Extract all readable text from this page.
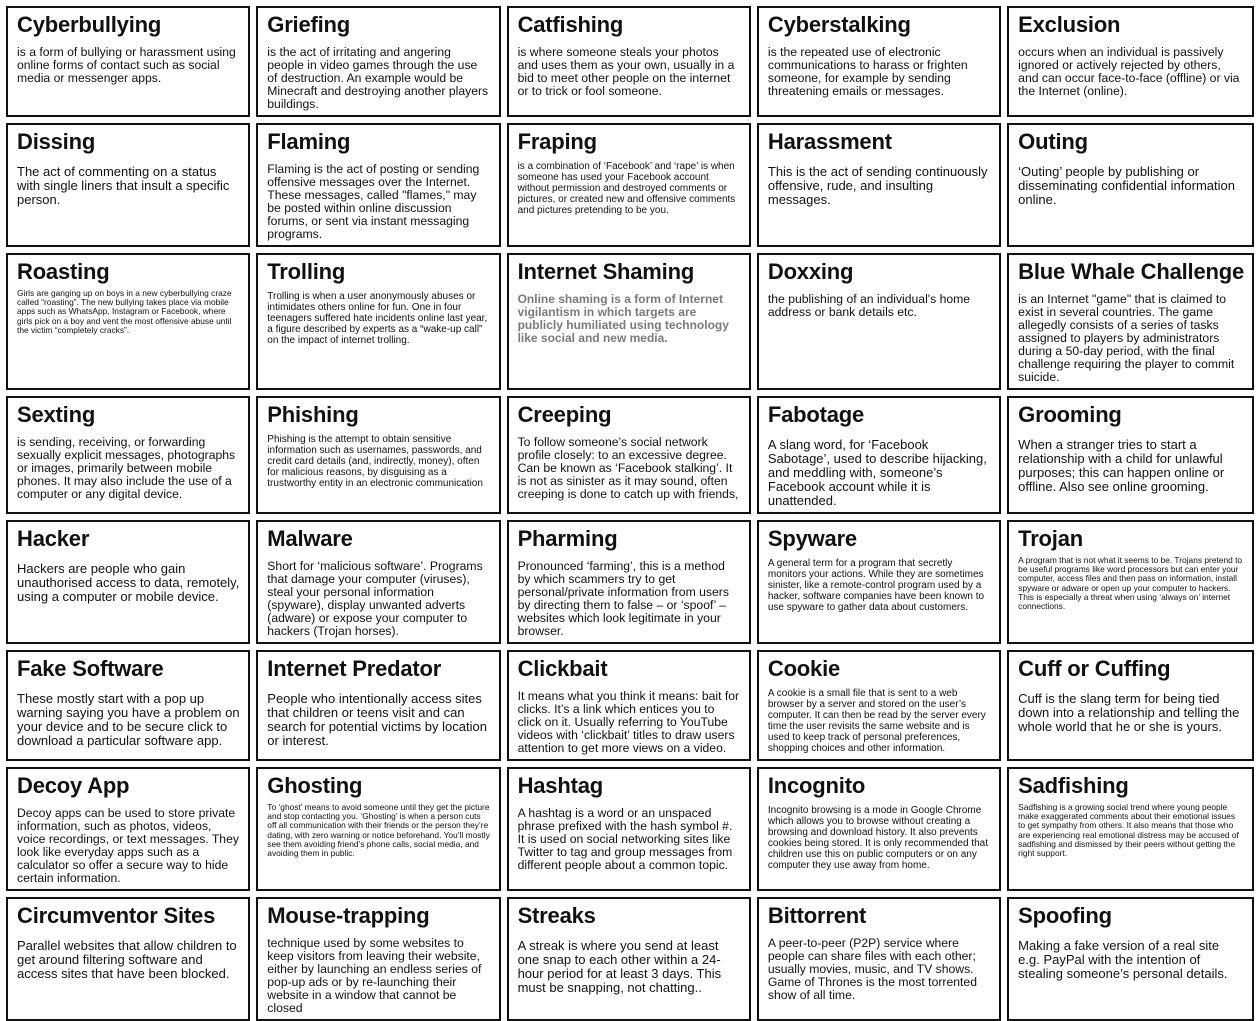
Cyberbullying
is a form of bullying or harassment using online forms of contact such as social media or messenger apps.
Griefing
is the act of irritating and angering people in video games through the use of destruction. An example would be Minecraft and destroying another players buildings.
Catfishing
is where someone steals your photos and uses them as your own, usually in a bid to meet other people on the internet or to trick or fool someone.
Cyberstalking
is the repeated use of electronic communications to harass or frighten someone, for example by sending threatening emails or messages.
Exclusion
occurs when an individual is passively ignored or actively rejected by others, and can occur face-to-face (offline) or via the Internet (online).
Dissing
The act of commenting on a status with single liners that insult a specific person.
Flaming
Flaming is the act of posting or sending offensive messages over the Internet. These messages, called "flames," may be posted within online discussion forums, or sent via instant messaging programs.
Fraping
is a combination of ‘Facebook’ and ‘rape’ is when someone has used your Facebook account without permission and destroyed comments or pictures, or created new and offensive comments and pictures pretending to be you.
Harassment
This is the act of sending continuously offensive, rude, and insulting messages.
Outing
‘Outing’ people by publishing or disseminating confidential information online.
Roasting
Girls are ganging up on boys in a new cyberbullying craze called “roasting”. The new bullying takes place via mobile apps such as WhatsApp, Instagram or Facebook, where girls pick on a boy and vent the most offensive abuse until the victim “completely cracks”.
Trolling
Trolling is when a user anonymously abuses or intimidates others online for fun. One in four teenagers suffered hate incidents online last year, a figure described by experts as a “wake-up call” on the impact of internet trolling.
Internet Shaming
Online shaming is a form of Internet vigilantism in which targets are publicly humiliated using technology like social and new media.
Doxxing
the publishing of an individual's home address or bank details etc.
Blue Whale Challenge
is an Internet "game" that is claimed to exist in several countries. The game allegedly consists of a series of tasks assigned to players by administrators during a 50-day period, with the final challenge requiring the player to commit suicide.
Sexting
is sending, receiving, or forwarding sexually explicit messages, photographs or images, primarily between mobile phones. It may also include the use of a computer or any digital device.
Phishing
Phishing is the attempt to obtain sensitive information such as usernames, passwords, and credit card details (and, indirectly, money), often for malicious reasons, by disguising as a trustworthy entity in an electronic communication
Creeping
To follow someone’s social network profile closely: to an excessive degree. Can be known as ‘Facebook stalking’. It is not as sinister as it may sound, often creeping is done to catch up with friends,
Fabotage
A slang word, for ‘Facebook Sabotage’, used to describe hijacking, and meddling with, someone’s Facebook account while it is unattended.
Grooming
When a stranger tries to start a relationship with a child for unlawful purposes; this can happen online or offline. Also see online grooming.
Hacker
Hackers are people who gain unauthorised access to data, remotely, using a computer or mobile device.
Malware
Short for ‘malicious software’. Programs that damage your computer (viruses), steal your personal information (spyware), display unwanted adverts (adware) or expose your computer to hackers (Trojan horses).
Pharming
Pronounced ‘farming’, this is a method by which scammers try to get personal/private information from users by directing them to false – or ‘spoof’ – websites which look legitimate in your browser.
Spyware
A general term for a program that secretly monitors your actions. While they are sometimes sinister, like a remote-control program used by a hacker, software companies have been known to use spyware to gather data about customers.
Trojan
A program that is not what it seems to be. Trojans pretend to be useful programs like word processors but can enter your computer, access files and then pass on information, install spyware or adware or open up your computer to hackers. This is especially a threat when using ‘always on’ internet connections.
Fake Software
These mostly start with a pop up warning saying you have a problem on your device and to be secure click to download a particular software app.
Internet Predator
People who intentionally access sites that children or teens visit and can search for potential victims by location or interest.
Clickbait
It means what you think it means: bait for clicks. It’s a link which entices you to click on it. Usually referring to YouTube videos with ‘clickbait’ titles to draw users attention to get more views on a video.
Cookie
A cookie is a small file that is sent to a web browser by a server and stored on the user’s computer. It can then be read by the server every time the user revisits the same website and is used to keep track of personal preferences, shopping choices and other information.
Cuff or Cuffing
Cuff is the slang term for being tied down into a relationship and telling the whole world that he or she is yours.
Decoy App
Decoy apps can be used to store private information, such as photos, videos, voice recordings, or text messages. They look like everyday apps such as a calculator so offer a secure way to hide certain information.
Ghosting
To ‘ghost’ means to avoid someone until they get the picture and stop contacting you. ‘Ghosting’ is when a person cuts off all communication with their friends or the person they’re dating, with zero warning or notice beforehand. You’ll mostly see them avoiding friend’s phone calls, social media, and avoiding them in public.
Hashtag
A hashtag is a word or an unspaced phrase prefixed with the hash symbol #. It is used on social networking sites like Twitter to tag and group messages from different people about a common topic.
Incognito
Incognito browsing is a mode in Google Chrome which allows you to browse without creating a browsing and download history. It also prevents cookies being stored. It is only recommended that children use this on public computers or on any computer they use away from home.
Sadfishing
Sadfishing is a growing social trend where young people make exaggerated comments about their emotional issues to get sympathy from others. It also means that those who are experiencing real emotional distress may be accused of sadfishing and dismissed by their peers without getting the right support.
Circumventor Sites
Parallel websites that allow children to get around filtering software and access sites that have been blocked.
Mouse-trapping
technique used by some websites to keep visitors from leaving their website, either by launching an endless series of pop-up ads or by re-launching their website in a window that cannot be closed
Streaks
A streak is where you send at least one snap to each other within a 24-hour period for at least 3 days. This must be snapping, not chatting..
Bittorrent
A peer-to-peer (P2P) service where people can share files with each other; usually movies, music, and TV shows. Game of Thrones is the most torrented show of all time.
Spoofing
Making a fake version of a real site e.g. PayPal with the intention of stealing someone’s personal details.
